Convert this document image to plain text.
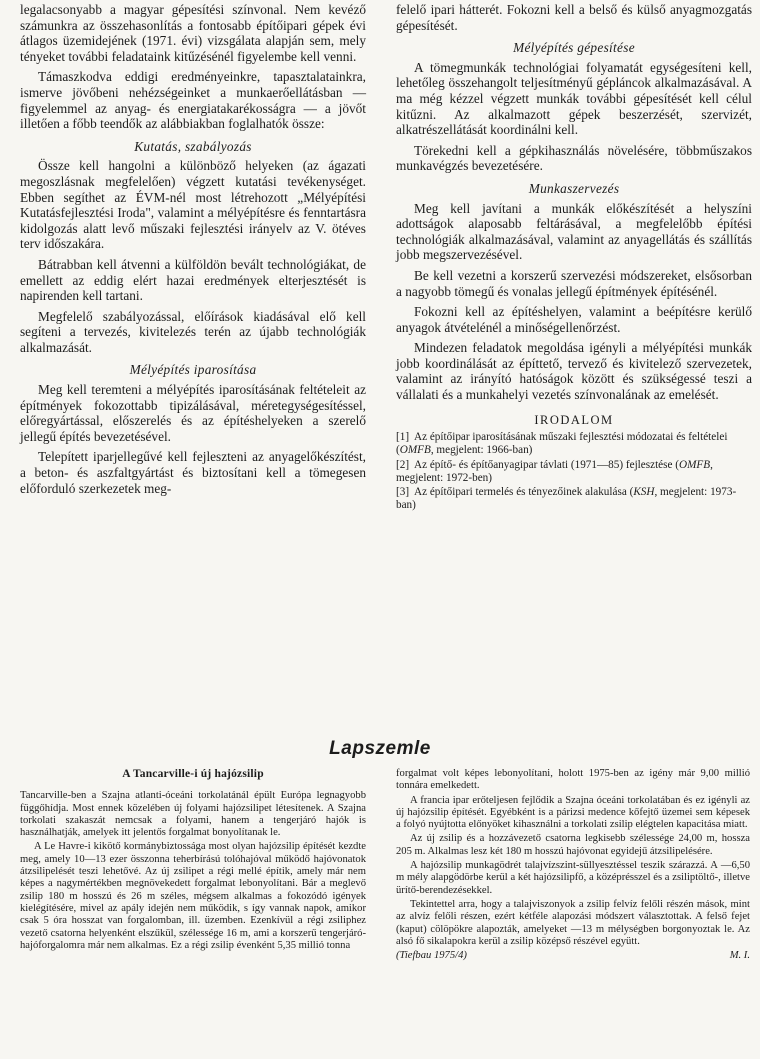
legalacsonyabb a magyar gépesítési színvonal. Nem kevéző számunkra az összehasonlítás a fontosabb építőipari gépek évi átlagos üzemidejének (1971. évi) vizsgálata alapján sem, mely tényeket további feladataink kitűzésénél figyelembe kell venni.

Támaszkodva eddigi eredményeinkre, tapasztalatainkra, ismerve jövőbeni nehézségeinket a munkaerőellátásban — figyelemmel az anyag- és energiatakarékosságra — a jövőt illetően a főbb teendők az alábbiakban foglalhatók össze:

Kutatás, szabályozás

Össze kell hangolni a különböző helyeken (az ágazati megoszlásnak megfelelően) végzett kutatási tevékenységet. Ebben segíthet az ÉVM-nél most létrehozott „Mélyépítési Kutatásfejlesztési Iroda", valamint a mélyépítésre és fenntartásra kidolgozás alatt levő műszaki fejlesztési irányelv az V. ötéves terv időszakára.

Bátrabban kell átvenni a külföldön bevált technológiákat, de emellett az eddig elért hazai eredmények elterjesztését is napirenden kell tartani.

Megfelelő szabályozással, előírások kiadásával elő kell segíteni a tervezés, kivitelezés terén az újabb technológiák alkalmazását.

Mélyépítés iparosítása

Meg kell teremteni a mélyépítés iparosításának feltételeit az építmények fokozottabb tipizálásával, méretegységesítéssel, előregyártással, előszerelés és az építéshelyeken a szerelő jellegű építés bevezetésével.

Telepített iparjellegűvé kell fejleszteni az anyagelőkészítést, a beton- és aszfaltgyártást és biztosítani kell a tömegesen előforduló szerkezetek meg-

felelő ipari hátterét. Fokozni kell a belső és külső anyagmozgatás gépesítését.

Mélyépítés gépesítése

A tömegmunkák technológiai folyamatát egységesíteni kell, lehetőleg összehangolt teljesítményű gépláncok alkalmazásával. A ma még kézzel végzett munkák további gépesítését kell célul kitűzni. Az alkalmazott gépek beszerzését, szervizét, alkatrészellátását koordinálni kell.

Törekedni kell a gépkihasználás növelésére, többműszakos munkavégzés bevezetésére.

Munkaszervezés

Meg kell javítani a munkák előkészítését a helyszíni adottságok alaposabb feltárásával, a megfelelőbb építési technológiák alkalmazásával, valamint az anyagellátás és szállítás jobb megszervezésével.

Be kell vezetni a korszerű szervezési módszereket, elsősorban a nagyobb tömegű és vonalas jellegű építmények építésénél.

Fokozni kell az építéshelyen, valamint a beépítésre kerülő anyagok átvételénél a minőségellenőrzést.

Mindezen feladatok megoldása igényli a mélyépítési munkák jobb koordinálását az építtető, tervező és kivitelező szervezetek, valamint az irányító hatóságok között és szükségessé teszi a vállalati és a munkahelyi vezetés színvonalának az emelését.

IRODALOM
[1] Az építőipar iparosításának műszaki fejlesztési módozatai és feltételei (OMFB, megjelent: 1966-ban)
[2] Az építő- és építőanyagipar távlati (1971—85) fejlesztése (OMFB, megjelent: 1972-ben)
[3] Az építőipari termelés és tényezőinek alakulása (KSH, megjelent: 1973-ban)
Lapszemle
A Tancarville-i új hajózsilip

Tancarville-ben a Szajna atlanti-óceáni torkolatánál épült Európa legnagyobb függőhídja. Most ennek közelében új folyami hajózsilipet létesítenek. A Szajna torkolati szakaszát nemcsak a folyami, hanem a tengerjáró hajók is használhatják, amelyek itt jelentős forgalmat bonyolítanak le.

A Le Havre-i kikötő kormánybiztossága most olyan hajózsilip építését kezdte meg, amely 10—13 ezer összonna teherbírású tolóhajóval működő hajóvonatok átzsilipelését teszi lehetővé. Az új zsilipet a régi mellé építik, amely már nem képes a nagymértékben megnövekedett forgalmat lebonyolítani. Bár a meglevő zsilip 180 m hosszú és 26 m széles, mégsem alkalmas a fokozódó igények kielégítésére, mivel az apály idején nem működik, s így vannak napok, amikor csak 5 óra hosszat van forgalomban, ill. üzemben. Ezenkívül a régi zsiliphez vezető csatorna helyenként elszűkül, szélessége 16 m, ami a korszerű tengerjáró-hajóforgalomra már nem alkalmas. Ez a régi zsilip évenként 5,35 millió tonna

forgalmat volt képes lebonyolítani, holott 1975-ben az igény már 9,00 millió tonnára emelkedett.

A francia ipar erőteljesen fejlődik a Szajna óceáni torkolatában és ez igényli az új hajózsilip építését. Egyébként is a párizsi medence kőfejtő üzemei sem képesek a folyó nyújtotta előnyöket kihasználni a torkolati zsilip elégtelen kapacitása miatt.

Az új zsilip és a hozzávezető csatorna legkisebb szélessége 24,00 m, hossza 205 m. Alkalmas lesz két 180 m hosszú hajóvonat egyidejű átzsilipelésére.

A hajózsilip munkagödrét talajvízszint-süllyesztéssel teszik szárazzá. A —6,50 m mély alapgödörbe kerül a két hajózsilipfő, a középrésszel és a zsiliptöltő-, illetve ürítő-berendezésekkel.

Tekintettel arra, hogy a talajviszonyok a zsilip felvíz felőli részén mások, mint az alvíz felőli részen, ezért kétféle alapozási módszert választottak. A felső fejet (kaput) cölöpökre alapozták, amelyeket —13 m mélységben borgonyoztak le. Az alsó fő sikalapokra kerül a zsilip középső részével együtt.

(Tiefbau 1975/4)	M. I.
